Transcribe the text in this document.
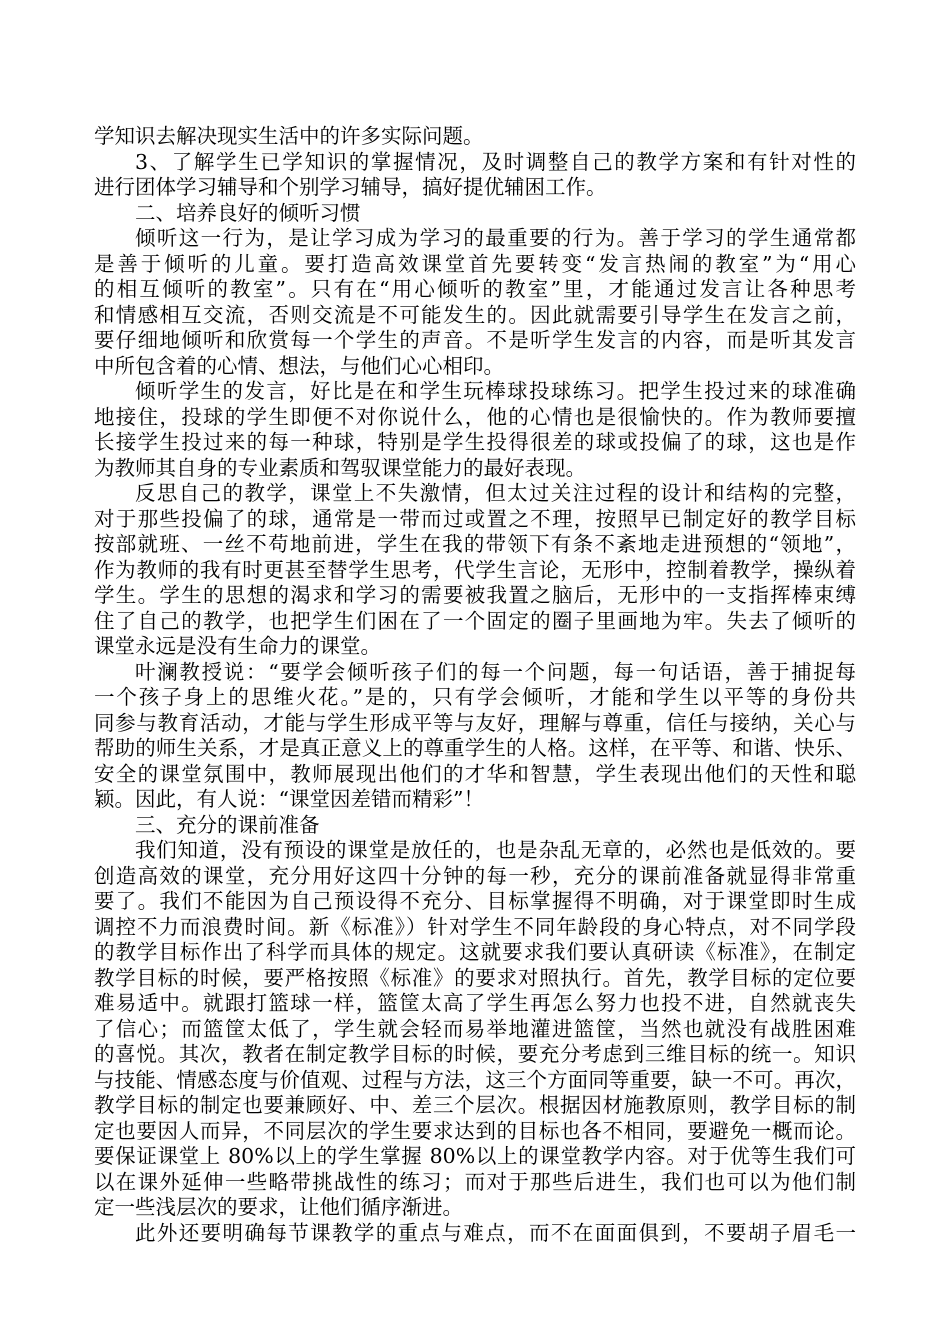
学知识去解决现实生活中的许多实际问题。
3、了解学生已学知识的掌握情况，及时调整自己的教学方案和有针对性的
进行团体学习辅导和个别学习辅导，搞好提优辅困工作。
二、培养良好的倾听习惯
倾听这一行为，是让学习成为学习的最重要的行为。善于学习的学生通常都
是善于倾听的儿童。要打造高效课堂首先要转变“发言热闹的教室”为“用心
的相互倾听的教室”。只有在“用心倾听的教室”里，才能通过发言让各种思考
和情感相互交流，否则交流是不可能发生的。因此就需要引导学生在发言之前，
要仔细地倾听和欣赏每一个学生的声音。不是听学生发言的内容，而是听其发言
中所包含着的心情、想法，与他们心心相印。
倾听学生的发言，好比是在和学生玩棒球投球练习。把学生投过来的球准确
地接住，投球的学生即便不对你说什么，他的心情也是很愉快的。作为教师要擅
长接学生投过来的每一种球，特别是学生投得很差的球或投偏了的球，这也是作
为教师其自身的专业素质和驾驭课堂能力的最好表现。
反思自己的教学，课堂上不失激情，但太过关注过程的设计和结构的完整，
对于那些投偏了的球，通常是一带而过或置之不理，按照早已制定好的教学目标
按部就班、一丝不苟地前进，学生在我的带领下有条不紊地走进预想的“领地”，
作为教师的我有时更甚至替学生思考，代学生言论，无形中，控制着教学，操纵着
学生。学生的思想的渴求和学习的需要被我置之脑后，无形中的一支指挥棒束缚
住了自己的教学，也把学生们困在了一个固定的圈子里画地为牢。失去了倾听的
课堂永远是没有生命力的课堂。
叶澜教授说：“要学会倾听孩子们的每一个问题，每一句话语，善于捕捉每
一个孩子身上的思维火花。”是的，只有学会倾听，才能和学生以平等的身份共
同参与教育活动，才能与学生形成平等与友好，理解与尊重，信任与接纳，关心与
帮助的师生关系，才是真正意义上的尊重学生的人格。这样，在平等、和谐、快乐、
安全的课堂氛围中，教师展现出他们的才华和智慧，学生表现出他们的天性和聪
颖。因此，有人说：“课堂因差错而精彩”！
三、充分的课前准备
我们知道，没有预设的课堂是放任的，也是杂乱无章的，必然也是低效的。要
创造高效的课堂，充分用好这四十分钟的每一秒，充分的课前准备就显得非常重
要了。我们不能因为自己预设得不充分、目标掌握得不明确，对于课堂即时生成
调控不力而浪费时间。新《标准》）针对学生不同年龄段的身心特点，对不同学段
的教学目标作出了科学而具体的规定。这就要求我们要认真研读《标准》，在制定
教学目标的时候，要严格按照《标准》的要求对照执行。首先，教学目标的定位要
难易适中。就跟打篮球一样，篮筐太高了学生再怎么努力也投不进，自然就丧失
了信心；而篮筐太低了，学生就会轻而易举地灌进篮筐，当然也就没有战胜困难
的喜悦。其次，教者在制定教学目标的时候，要充分考虑到三维目标的统一。知识
与技能、情感态度与价值观、过程与方法，这三个方面同等重要，缺一不可。再次，
教学目标的制定也要兼顾好、中、差三个层次。根据因材施教原则，教学目标的制
定也要因人而异，不同层次的学生要求达到的目标也各不相同，要避免一概而论。
要保证课堂上 80%以上的学生掌握 80%以上的课堂教学内容。对于优等生我们可
以在课外延伸一些略带挑战性的练习；而对于那些后进生，我们也可以为他们制
定一些浅层次的要求，让他们循序渐进。
此外还要明确每节课教学的重点与难点，而不在面面俱到，不要胡子眉毛一
